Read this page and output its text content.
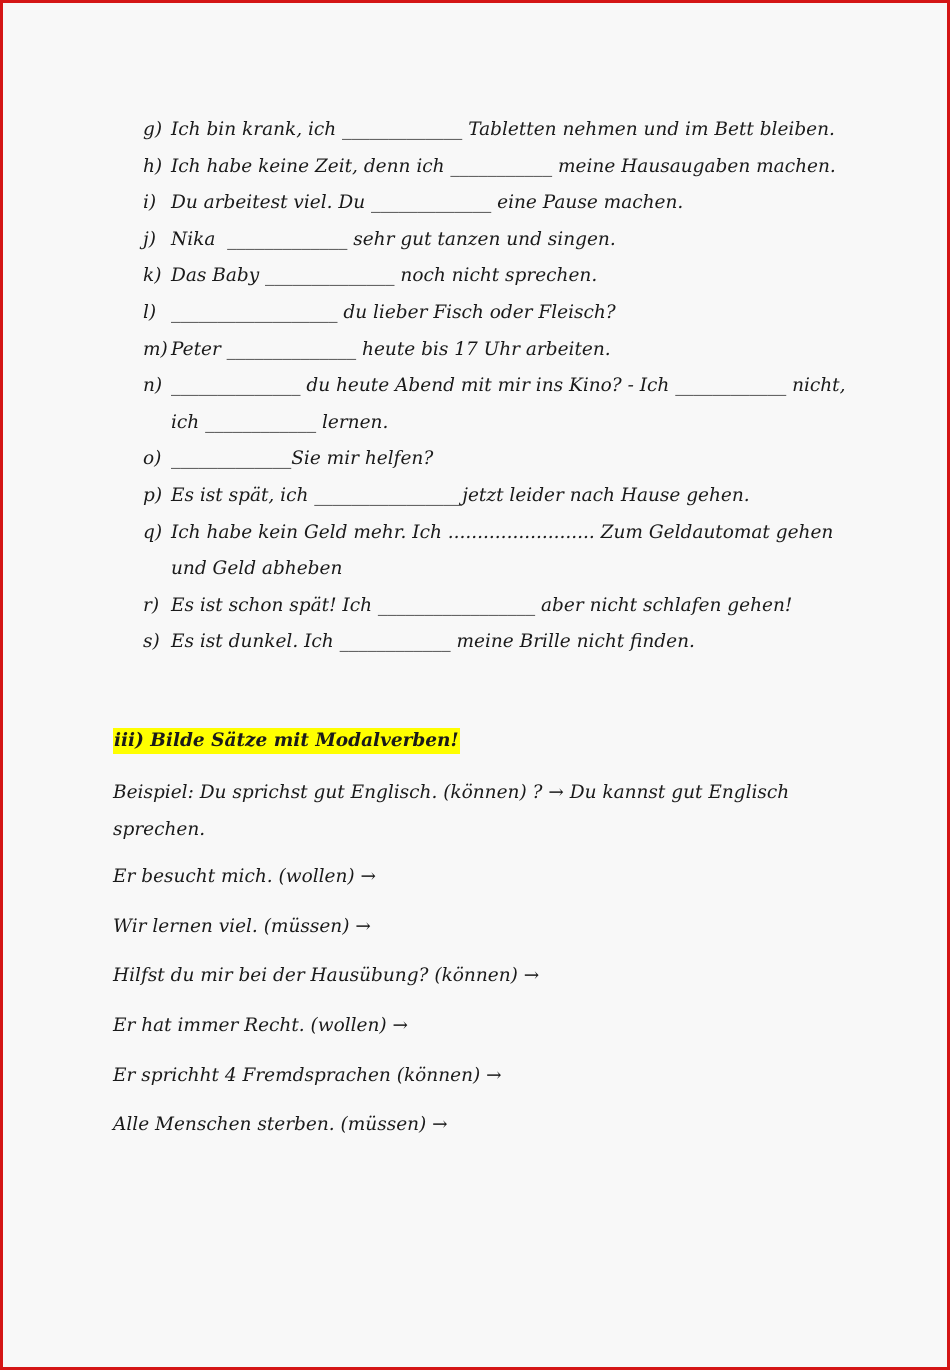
g) Ich bin krank, ich _____________ Tabletten nehmen und im Bett bleiben.
h) Ich habe keine Zeit, denn ich ___________ meine Hausaugaben machen.
i) Du arbeitest viel. Du _____________ eine Pause machen.
j) Nika  _____________ sehr gut tanzen und singen.
k) Das Baby ______________ noch nicht sprechen.
l) __________________ du lieber Fisch oder Fleisch?
m) Peter ______________ heute bis 17 Uhr arbeiten.
n) ______________ du heute Abend mit mir ins Kino? - Ich ____________ nicht, ich ____________ lernen.
o) _____________Sie mir helfen?
p) Es ist spät, ich ________________jetzt leider nach Hause gehen.
q) Ich habe kein Geld mehr. Ich ......................... Zum Geldautomat gehen und Geld abheben
r) Es ist schon spät! Ich _________________ aber nicht schlafen gehen!
s) Es ist dunkel. Ich ____________ meine Brille nicht finden.
iii) Bilde Sätze mit Modalverben!

Beispiel: Du sprichst gut Englisch. (können) ? → Du kannst gut Englisch sprechen.

Er besucht mich. (wollen) →
Wir lernen viel. (müssen) →
Hilfst du mir bei der Hausübung? (können) →
Er hat immer Recht. (wollen) →
Er sprichht 4 Fremdsprachen (können) →
Alle Menschen sterben. (müssen) →
